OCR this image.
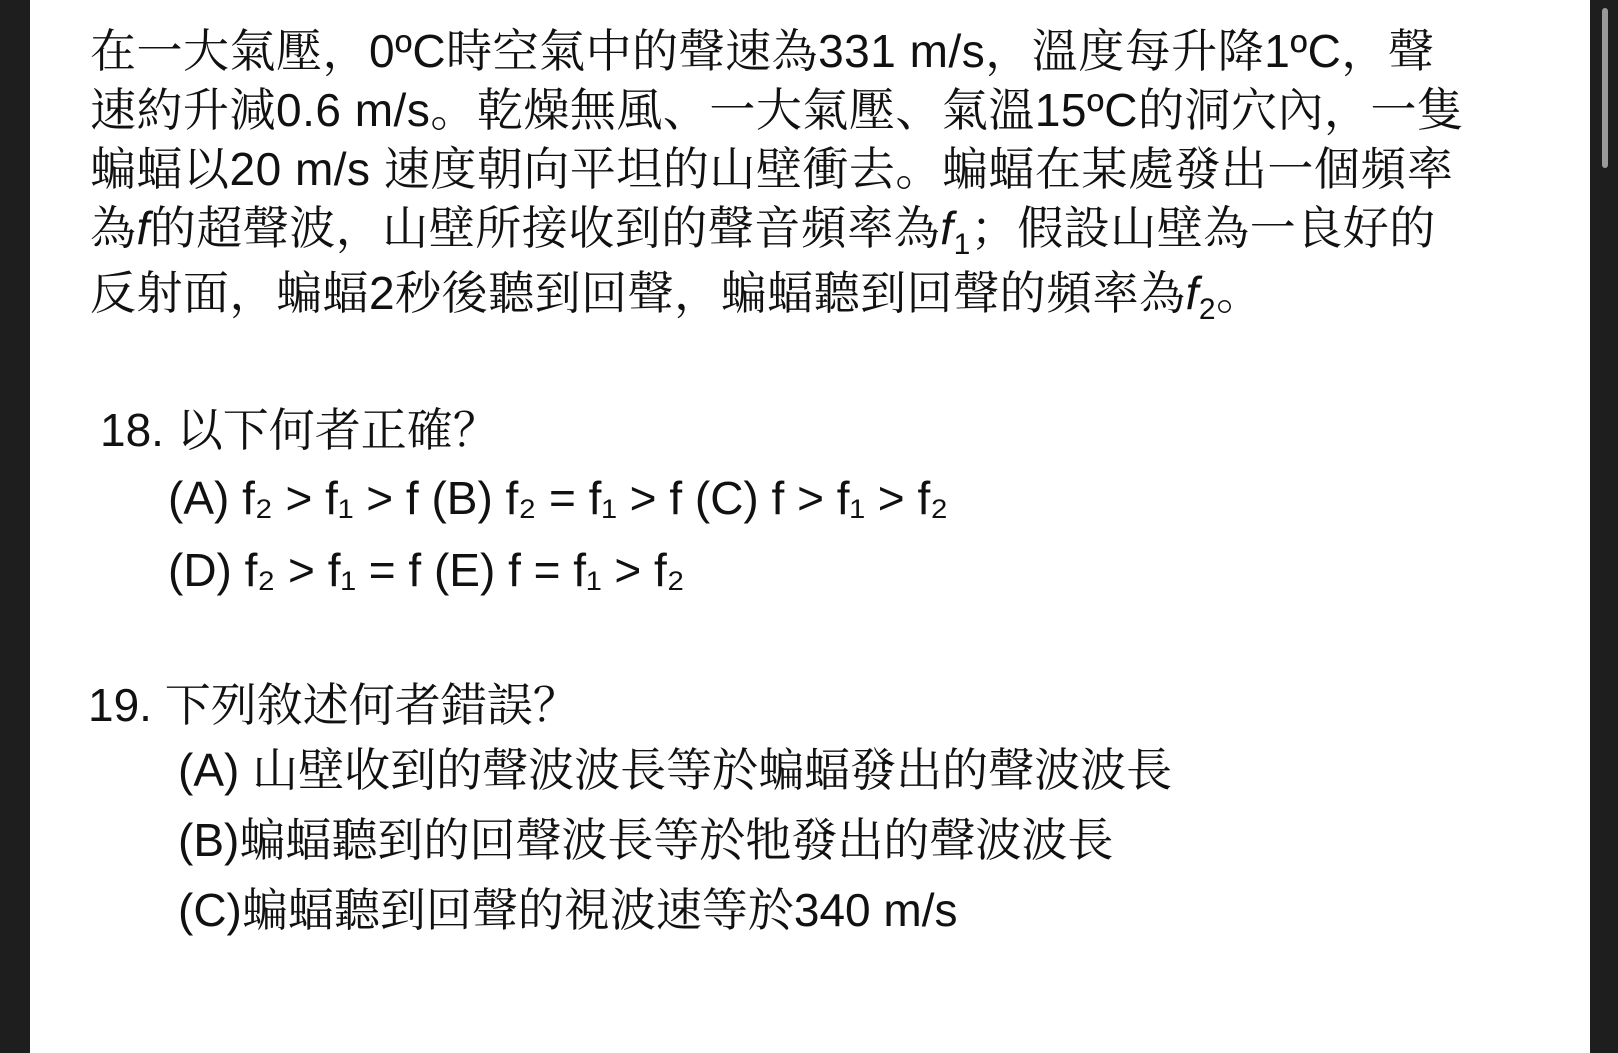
在一大氣壓，0ºC時空氣中的聲速為331 m/s，溫度每升降1ºC，聲
速約升減0.6 m/s。乾燥無風、一大氣壓、氣溫15ºC的洞穴內，一隻
蝙蝠以20 m/s 速度朝向平坦的山壁衝去。蝙蝠在某處發出一個頻率
為f的超聲波，山壁所接收到的聲音頻率為$f_1$；假設山壁為一良好的
反射面，蝙蝠2秒後聽到回聲，蝙蝠聽到回聲的頻率為$f_2$。
18. 以下何者正確？
(A) f₂ > f₁ > f (B) f₂ = f₁ > f (C) f > f₁ > f₂
(D) f₂ > f₁ = f (E) f = f₁ > f₂
19. 下列敘述何者錯誤？
(A) 山壁收到的聲波波長等於蝙蝠發出的聲波波長
(B)蝙蝠聽到的回聲波長等於牠發出的聲波波長
(C)蝙蝠聽到回聲的視波速等於340 m/s
